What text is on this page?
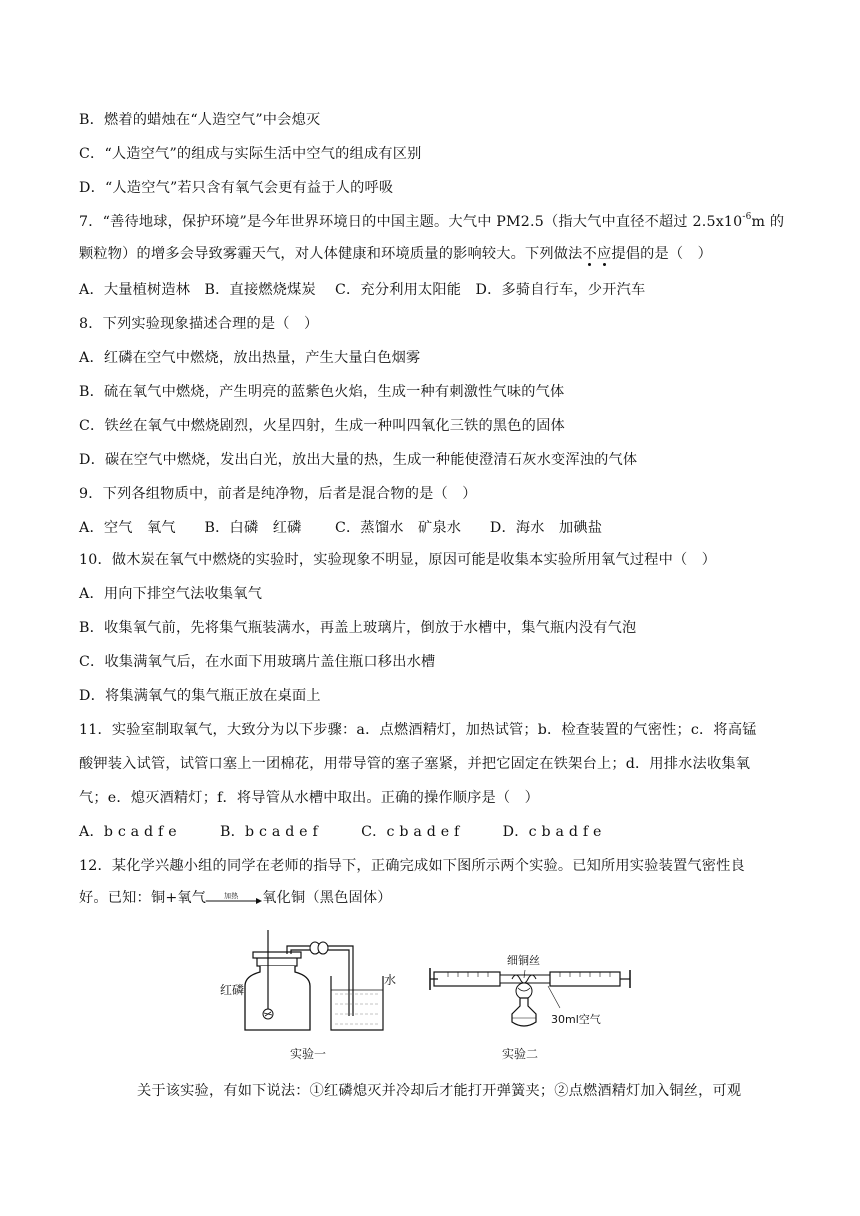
B．燃着的蜡烛在“人造空气”中会熄灭
C．“人造空气”的组成与实际生活中空气的组成有区别
D．“人造空气”若只含有氧气会更有益于人的呼吸
7．“善待地球，保护环境”是今年世界环境日的中国主题。大气中 PM2.5（指大气中直径不超过 $2.5x10^{-6}m$ 的
颗粒物）的增多会导致雾霾天气，对人体健康和环境质量的影响较大。下列做法不应提倡的是（　）
A．大量植树造林　B．直接燃烧煤炭　 C．充分利用太阳能　D．多骑自行车，少开汽车
8．下列实验现象描述合理的是（　）
A．红磷在空气中燃烧，放出热量，产生大量白色烟雾
B．硫在氧气中燃烧，产生明亮的蓝紫色火焰，生成一种有刺激性气味的气体
C．铁丝在氧气中燃烧剧烈，火星四射，生成一种叫四氧化三铁的黑色的固体
D．碳在空气中燃烧，发出白光，放出大量的热，生成一种能使澄清石灰水变浑浊的气体
9．下列各组物质中，前者是纯净物，后者是混合物的是（　）
A．空气　氧气　　B．白磷　红磷　　 C．蒸馏水　矿泉水　　D．海水　加碘盐
10．做木炭在氧气中燃烧的实验时，实验现象不明显，原因可能是收集本实验所用氧气过程中（　）
A．用向下排空气法收集氧气
B．收集氧气前，先将集气瓶装满水，再盖上玻璃片，倒放于水槽中，集气瓶内没有气泡
C．收集满氧气后，在水面下用玻璃片盖住瓶口移出水槽
D．将集满氧气的集气瓶正放在桌面上
11．实验室制取氧气，大致分为以下步骤：a．点燃酒精灯，加热试管；b．检查装置的气密性；c．将高锰
酸钾装入试管，试管口塞上一团棉花，用带导管的塞子塞紧，并把它固定在铁架台上；d．用排水法收集氧
气；e．熄灭酒精灯；f．将导管从水槽中取出。正确的操作顺序是（　）
A．b c a d f e　　　B．b c a d e f　　　C．c b a d e f　　　D．c b a d f e
12．某化学兴趣小组的同学在老师的指导下，正确完成如下图所示两个实验。已知所用实验装置气密性良
好。已知：铜+氧气	加热	氧化铜（黑色固体）
红磷
水
实验一
细铜丝
30ml空气
实验二
关于该实验，有如下说法：①红磷熄灭并冷却后才能打开弹簧夹；②点燃酒精灯加入铜丝，可观
